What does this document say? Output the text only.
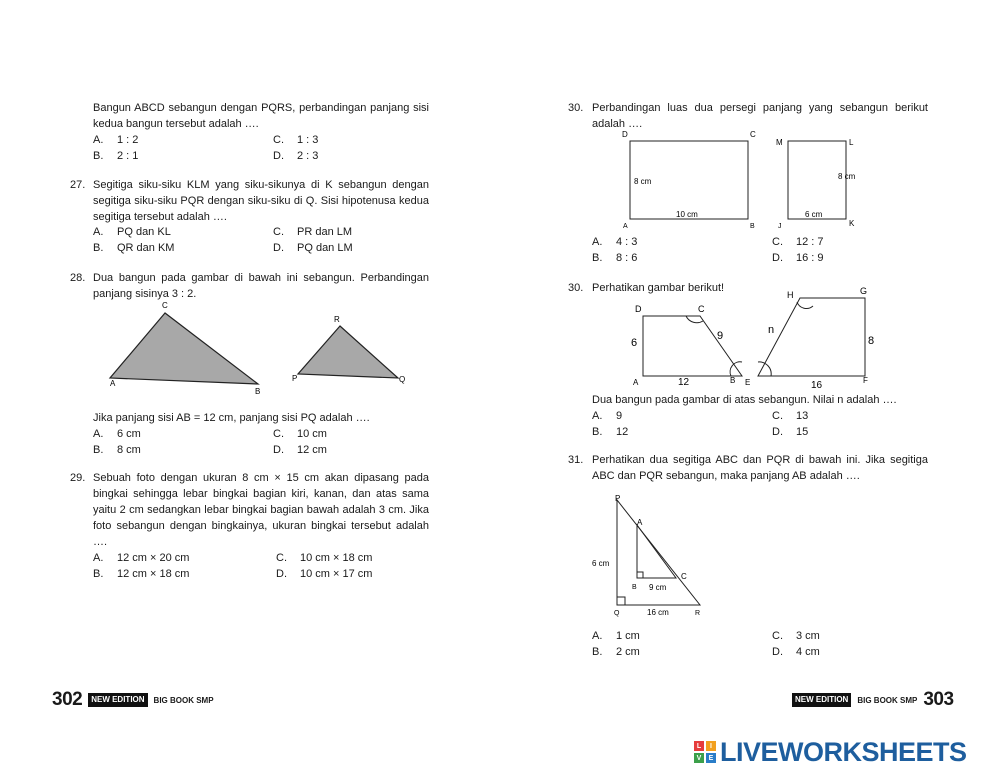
Bangun ABCD sebangun dengan PQRS, perbandingan panjang sisi kedua bangun tersebut adalah ….
A. 1 : 2
B. 2 : 1
C. 1 : 3
D. 2 : 3
27. Segitiga siku-siku KLM yang siku-sikunya di K sebangun dengan segitiga siku-siku PQR dengan siku-siku di Q. Sisi hipotenusa kedua segitiga tersebut adalah ….
A. PQ dan KL
B. QR dan KM
C. PR dan LM
D. PQ dan LM
28. Dua bangun pada gambar di bawah ini sebangun. Perbandingan panjang sisinya 3 : 2.
C
A
B
R
P	Q
Jika panjang sisi AB = 12 cm, panjang sisi PQ adalah ….
A. 6 cm
B. 8 cm
C. 10 cm
D. 12 cm
29. Sebuah foto dengan ukuran 8 cm × 15 cm akan dipasang pada bingkai sehingga lebar bingkai bagian kiri, kanan, dan atas sama yaitu 2 cm sedangkan lebar bingkai bagian bawah adalah 3 cm. Jika foto sebangun dengan bingkainya, ukuran bingkai tersebut adalah ….
A. 12 cm × 20 cm
B. 12 cm × 18 cm
C. 10 cm × 18 cm
D. 10 cm × 17 cm
302	NEW EDITION	BIG BOOK SMP
30. Perbandingan luas dua persegi panjang yang sebangun berikut adalah ….
D	C
A	B
8 cm
10 cm
M	L
J	K
8 cm
6 cm
A. 4 : 3
B. 8 : 6
C. 12 : 7
D. 16 : 9
30. Perhatikan gambar berikut!
D	C
A	B
6
9
12
H	G
E	F
n
8
16
Dua bangun pada gambar di atas sebangun. Nilai n adalah ….
A. 9
B. 12
C. 13
D. 15
31. Perhatikan dua segitiga ABC dan PQR di bawah ini. Jika segitiga ABC dan PQR sebangun, maka panjang AB adalah ….
P
A
B
C
Q	R
6 cm
9 cm
16 cm
A. 1 cm
B. 2 cm
C. 3 cm
D. 4 cm
NEW EDITION	BIG BOOK SMP 303
L	I
V	E LIVEWORKSHEETS
